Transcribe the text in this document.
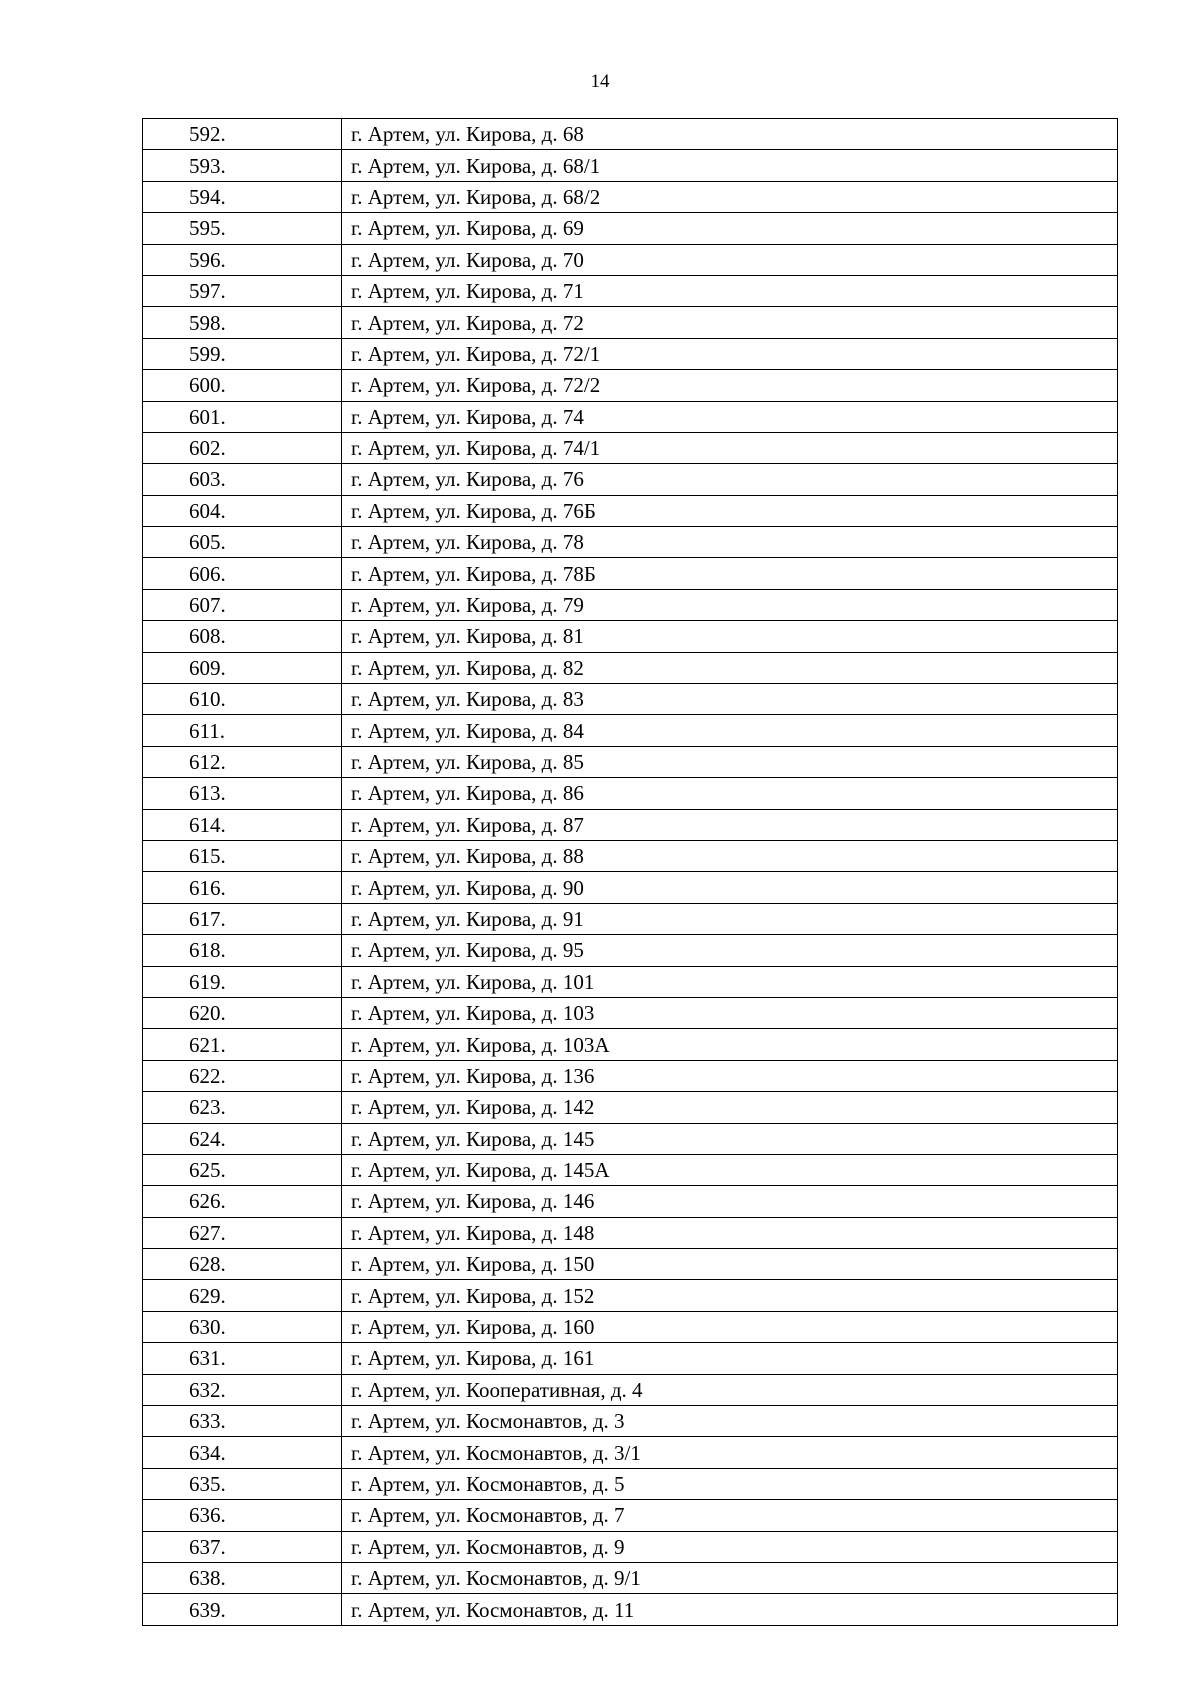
14
592.	г. Артем, ул. Кирова, д. 68
593.	г. Артем, ул. Кирова, д. 68/1
594.	г. Артем, ул. Кирова, д. 68/2
595.	г. Артем, ул. Кирова, д. 69
596.	г. Артем, ул. Кирова, д. 70
597.	г. Артем, ул. Кирова, д. 71
598.	г. Артем, ул. Кирова, д. 72
599.	г. Артем, ул. Кирова, д. 72/1
600.	г. Артем, ул. Кирова, д. 72/2
601.	г. Артем, ул. Кирова, д. 74
602.	г. Артем, ул. Кирова, д. 74/1
603.	г. Артем, ул. Кирова, д. 76
604.	г. Артем, ул. Кирова, д. 76Б
605.	г. Артем, ул. Кирова, д. 78
606.	г. Артем, ул. Кирова, д. 78Б
607.	г. Артем, ул. Кирова, д. 79
608.	г. Артем, ул. Кирова, д. 81
609.	г. Артем, ул. Кирова, д. 82
610.	г. Артем, ул. Кирова, д. 83
611.	г. Артем, ул. Кирова, д. 84
612.	г. Артем, ул. Кирова, д. 85
613.	г. Артем, ул. Кирова, д. 86
614.	г. Артем, ул. Кирова, д. 87
615.	г. Артем, ул. Кирова, д. 88
616.	г. Артем, ул. Кирова, д. 90
617.	г. Артем, ул. Кирова, д. 91
618.	г. Артем, ул. Кирова, д. 95
619.	г. Артем, ул. Кирова, д. 101
620.	г. Артем, ул. Кирова, д. 103
621.	г. Артем, ул. Кирова, д. 103А
622.	г. Артем, ул. Кирова, д. 136
623.	г. Артем, ул. Кирова, д. 142
624.	г. Артем, ул. Кирова, д. 145
625.	г. Артем, ул. Кирова, д. 145А
626.	г. Артем, ул. Кирова, д. 146
627.	г. Артем, ул. Кирова, д. 148
628.	г. Артем, ул. Кирова, д. 150
629.	г. Артем, ул. Кирова, д. 152
630.	г. Артем, ул. Кирова, д. 160
631.	г. Артем, ул. Кирова, д. 161
632.	г. Артем, ул. Кооперативная, д. 4
633.	г. Артем, ул. Космонавтов, д. 3
634.	г. Артем, ул. Космонавтов, д. 3/1
635.	г. Артем, ул. Космонавтов, д. 5
636.	г. Артем, ул. Космонавтов, д. 7
637.	г. Артем, ул. Космонавтов, д. 9
638.	г. Артем, ул. Космонавтов, д. 9/1
639.	г. Артем, ул. Космонавтов, д. 11
